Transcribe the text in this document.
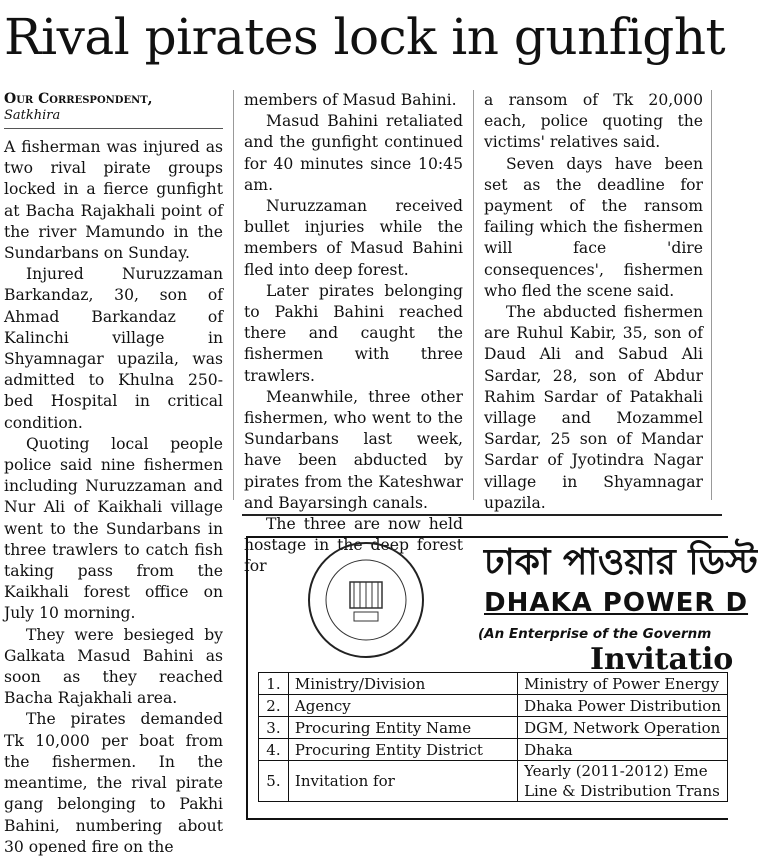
Rival pirates lock in gunfight
Our Correspondent,
Satkhira

A fisherman was injured as two rival pirate groups locked in a fierce gunfight at Bacha Rajakhali point of the river Mamundo in the Sundarbans on Sunday.

Injured Nuruzzaman Barkandaz, 30, son of Ahmad Barkandaz of Kalinchi village in Shyamnagar upazila, was admitted to Khulna 250-bed Hospital in critical condition.

Quoting local people police said nine fishermen including Nuruzzaman and Nur Ali of Kaikhali village went to the Sundarbans in three trawlers to catch fish taking pass from the Kaikhali forest office on July 10 morning.

They were besieged by Galkata Masud Bahini as soon as they reached Bacha Rajakhali area.

The pirates demanded Tk 10,000 per boat from the fishermen. In the meantime, the rival pirate gang belonging to Pakhi Bahini, numbering about 30 opened fire on the

members of Masud Bahini.

Masud Bahini retaliated and the gunfight continued for 40 minutes since 10:45 am.

Nuruzzaman received bullet injuries while the members of Masud Bahini fled into deep forest.

Later pirates belonging to Pakhi Bahini reached there and caught the fishermen with three trawlers.

Meanwhile, three other fishermen, who went to the Sundarbans last week, have been abducted by pirates from the Kateshwar and Bayarsingh canals.

The three are now held hostage in the deep forest for

a ransom of Tk 20,000 each, police quoting the victims' relatives said.

Seven days have been set as the deadline for payment of the ransom failing which the fishermen will face 'dire consequences', fishermen who fled the scene said.

The abducted fishermen are Ruhul Kabir, 35, son of Daud Ali and Sabud Ali Sardar, 28, son of Abdur Rahim Sardar of Patakhali village and Mozammel Sardar, 25 son of Mandar Sardar of Jyotindra Nagar village in Shyamnagar upazila.

ঢাকা পাওয়ার ডিস্ট
DHAKA POWER D
(An Enterprise of the Governm
Invitatio
1.	Ministry/Division	Ministry of Power Energy
2.	Agency	Dhaka Power Distribution
3.	Procuring Entity Name	DGM, Network Operation
4.	Procuring Entity District	Dhaka
5.	Invitation for	Yearly (2011-2012) Eme
Line & Distribution Trans
